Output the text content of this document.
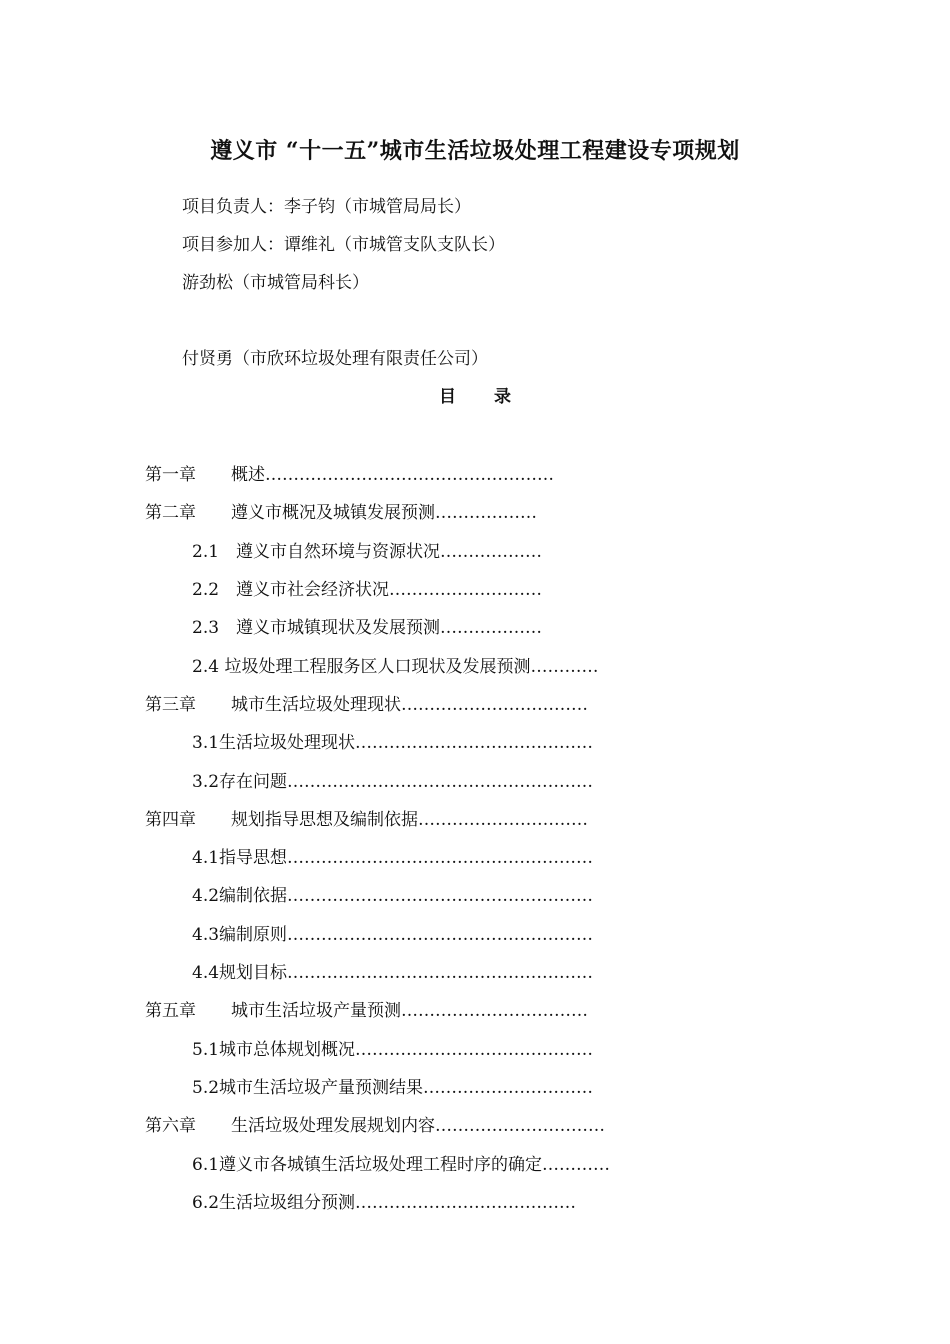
遵义市 “十一五”城市生活垃圾处理工程建设专项规划
项目负责人：李子钧（市城管局局长）
项目参加人：谭维礼（市城管支队支队长）
游劲松（市城管局科长）
付贤勇（市欣环垃圾处理有限责任公司）
目 录
第一章 概述……………………………………………
第二章 遵义市概况及城镇发展预测………………
2.1　遵义市自然环境与资源状况………………
2.2　遵义市社会经济状况………………………
2.3　遵义市城镇现状及发展预测………………
2.4 垃圾处理工程服务区人口现状及发展预测…………
第三章 城市生活垃圾处理现状……………………………
3.1生活垃圾处理现状……………………………………
3.2存在问题………………………………………………
第四章 规划指导思想及编制依据…………………………
4.1指导思想………………………………………………
4.2编制依据………………………………………………
4.3编制原则………………………………………………
4.4规划目标………………………………………………
第五章 城市生活垃圾产量预测……………………………
5.1城市总体规划概况……………………………………
5.2城市生活垃圾产量预测结果…………………………
第六章 生活垃圾处理发展规划内容…………………………
6.1遵义市各城镇生活垃圾处理工程时序的确定…………
6.2生活垃圾组分预测…………………………………
